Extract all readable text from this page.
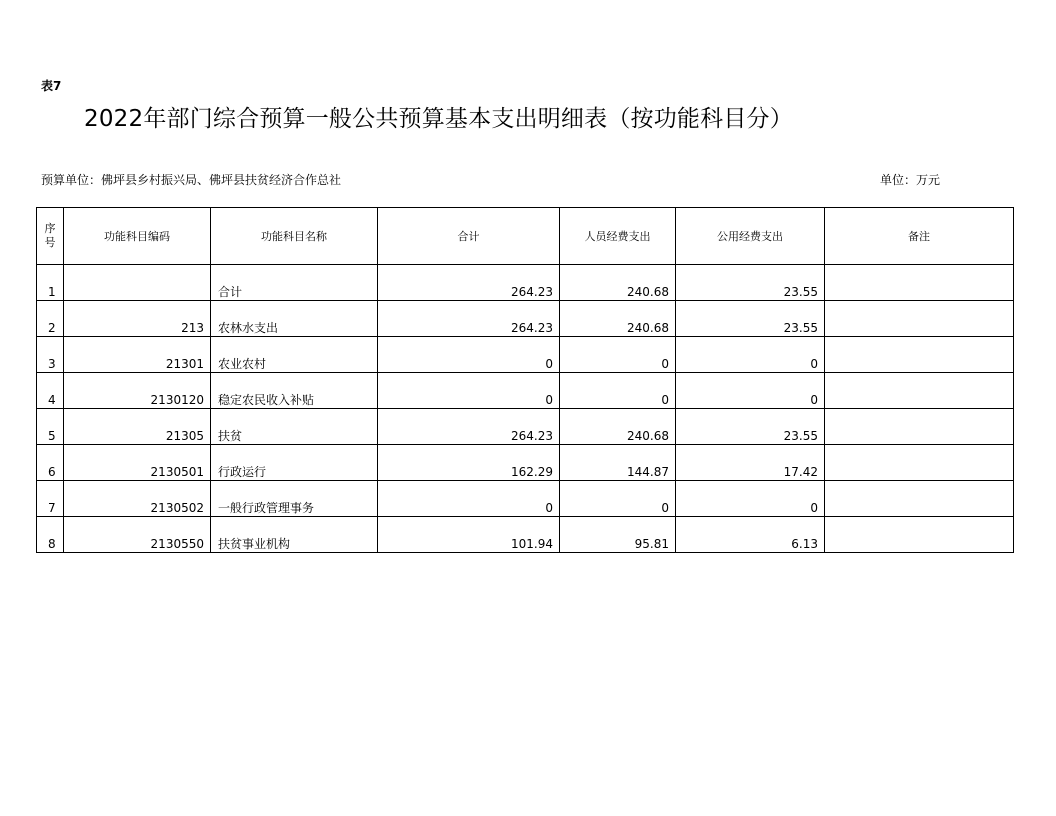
表7
2022年部门综合预算一般公共预算基本支出明细表（按功能科目分）
预算单位：佛坪县乡村振兴局、佛坪县扶贫经济合作总社	单位：万元
序
号	功能科目编码	功能科目名称	合计	人员经费支出	公用经费支出	备注
1		合计	264.23	240.68	23.55	
2	213	农林水支出	264.23	240.68	23.55	
3	21301	农业农村	0	0	0	
4	2130120	稳定农民收入补贴	0	0	0	
5	21305	扶贫	264.23	240.68	23.55	
6	2130501	行政运行	162.29	144.87	17.42	
7	2130502	一般行政管理事务	0	0	0	
8	2130550	扶贫事业机构	101.94	95.81	6.13	
